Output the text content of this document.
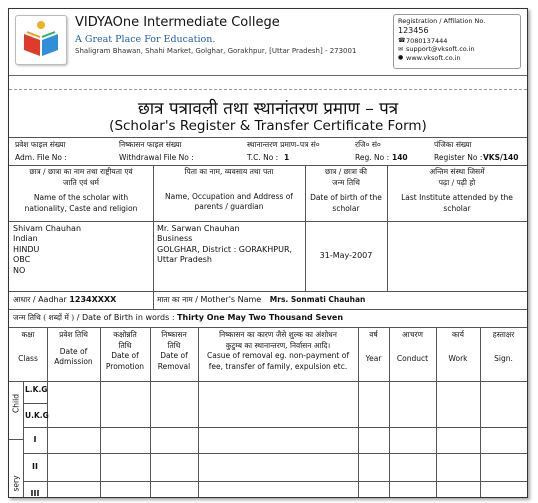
VIDYAOne Intermediate College
A Great Place For Education.
Shaligram Bhawan, Shahi Market, Golghar, Gorakhpur, [Uttar Pradesh] - 273001
Registration / Affilation No.
123456
☎ 7080137444
✉ support@vksoft.co.in
● www.vksoft.co.in
छात्र पत्रावली तथा स्थानांतरण प्रमाण – पत्र
(Scholar's Register & Transfer Certificate Form)
प्रवेश फाइल संख्या
Adm. File No :
निष्कासन फाइल संख्या
Withdrawal File No :
स्थानान्तरण प्रमाण–पत्र सं०
T.C. No : 1
रजि० सं०
Reg. No : 140
पंजिका संख्या
Register No : VKS/140
छात्र / छात्रा का नाम तथा राष्ट्रीयता एवं
जाति एवं धर्म
Name of the scholar with
nationality, Caste and religion
पिता का नाम, व्यवसाय तथा पता
Name, Occupation and Address of
parents / guardian
छात्र / छात्रा की
जन्म तिथि
Date of birth of the
scholar
अन्तिम संस्था जिसमें
पढ़ा / पढ़ी हो
Last Institute attended by the
scholar
Shivam Chauhan
Indian
HINDU
OBC
NO
Mr. Sarwan Chauhan
Business
GOLGHAR, District : GORAKHPUR,
Uttar Pradesh	31-May-2007
आधार / Aadhar 1234XXXX	माता का नाम / Mother's Name Mrs. Sonmati Chauhan
जन्म तिथि ( शब्दों में ) / Date of Birth in words : Thirty One May Two Thousand Seven
कक्षा
Class
प्रवेश तिथि
Date of
Admission
कक्षोन्नति
तिथि
Date of
Promotion
निष्कासन
तिथि
Date of
Removal
निष्कासन का कारण जैसे शुल्क का अंशोधन
कुटुम्ब का स्थानान्तरण, निर्वासन आदि।
Casue of removal eg. non-payment of
fee, transfer of family, expulsion etc.
वर्ष
Year
आचरण
Conduct
कार्य
Work
हस्ताक्षर
Sign.
Child
sery
L.K.G
U.K.G
I
II
III
